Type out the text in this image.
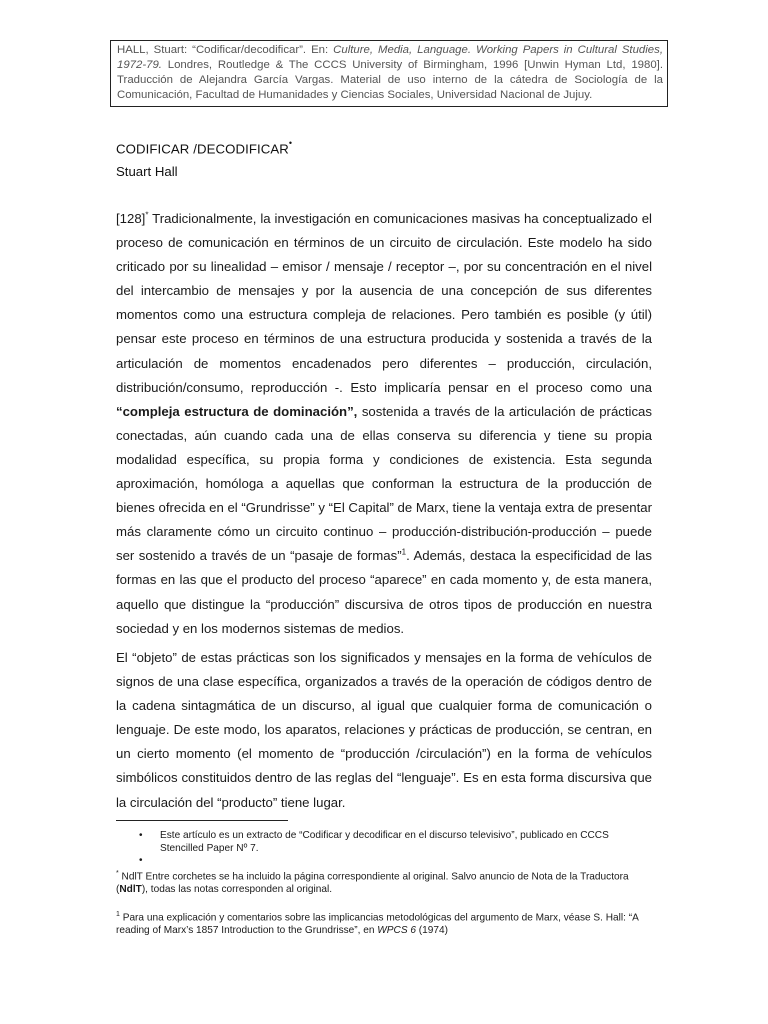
HALL, Stuart: “Codificar/decodificar”. En: Culture, Media, Language. Working Papers in Cultural Studies, 1972-79. Londres, Routledge & The CCCS University of Birmingham, 1996 [Unwin Hyman Ltd, 1980]. Traducción de Alejandra García Vargas. Material de uso interno de la cátedra de Sociología de la Comunicación, Facultad de Humanidades y Ciencias Sociales, Universidad Nacional de Jujuy.
CODIFICAR /DECODIFICAR•
Stuart Hall

[128]* Tradicionalmente, la investigación en comunicaciones masivas ha conceptualizado el proceso de comunicación en términos de un circuito de circulación. Este modelo ha sido criticado por su linealidad – emisor / mensaje / receptor –, por su concentración en el nivel del intercambio de mensajes y por la ausencia de una concepción de sus diferentes momentos como una estructura compleja de relaciones. Pero también es posible (y útil) pensar este proceso en términos de una estructura producida y sostenida a través de la articulación de momentos encadenados pero diferentes – producción, circulación, distribución/consumo, reproducción -. Esto implicaría pensar en el proceso como una “compleja estructura de dominación”, sostenida a través de la articulación de prácticas conectadas, aún cuando cada una de ellas conserva su diferencia y tiene su propia modalidad específica, su propia forma y condiciones de existencia. Esta segunda aproximación, homóloga a aquellas que conforman la estructura de la producción de bienes ofrecida en el “Grundrisse” y “El Capital” de Marx, tiene la ventaja extra de presentar más claramente cómo un circuito continuo – producción-distribución-producción – puede ser sostenido a través de un “pasaje de formas”$^1$. Además, destaca la especificidad de las formas en las que el producto del proceso “aparece” en cada momento y, de esta manera, aquello que distingue la “producción” discursiva de otros tipos de producción en nuestra sociedad y en los modernos sistemas de medios.

El “objeto” de estas prácticas son los significados y mensajes en la forma de vehículos de signos de una clase específica, organizados a través de la operación de códigos dentro de la cadena sintagmática de un discurso, al igual que cualquier forma de comunicación o lenguaje. De este modo, los aparatos, relaciones y prácticas de producción, se centran, en un cierto momento (el momento de “producción /circulación”) en la forma de vehículos simbólicos constituidos dentro de las reglas del “lenguaje”. Es en esta forma discursiva que la circulación del “producto” tiene lugar.

• Este artículo es un extracto de “Codificar y decodificar en el discurso televisivo”, publicado en CCCS Stencilled Paper Nº 7.
•
* NdlT Entre corchetes se ha incluido la página correspondiente al original. Salvo anuncio de Nota de la Traductora (NdlT), todas las notas corresponden al original.
$^1$ Para una explicación y comentarios sobre las implicancias metodológicas del argumento de Marx, véase S. Hall: “A reading of Marx’s 1857 Introduction to the Grundrisse”, en WPCS 6 (1974)
